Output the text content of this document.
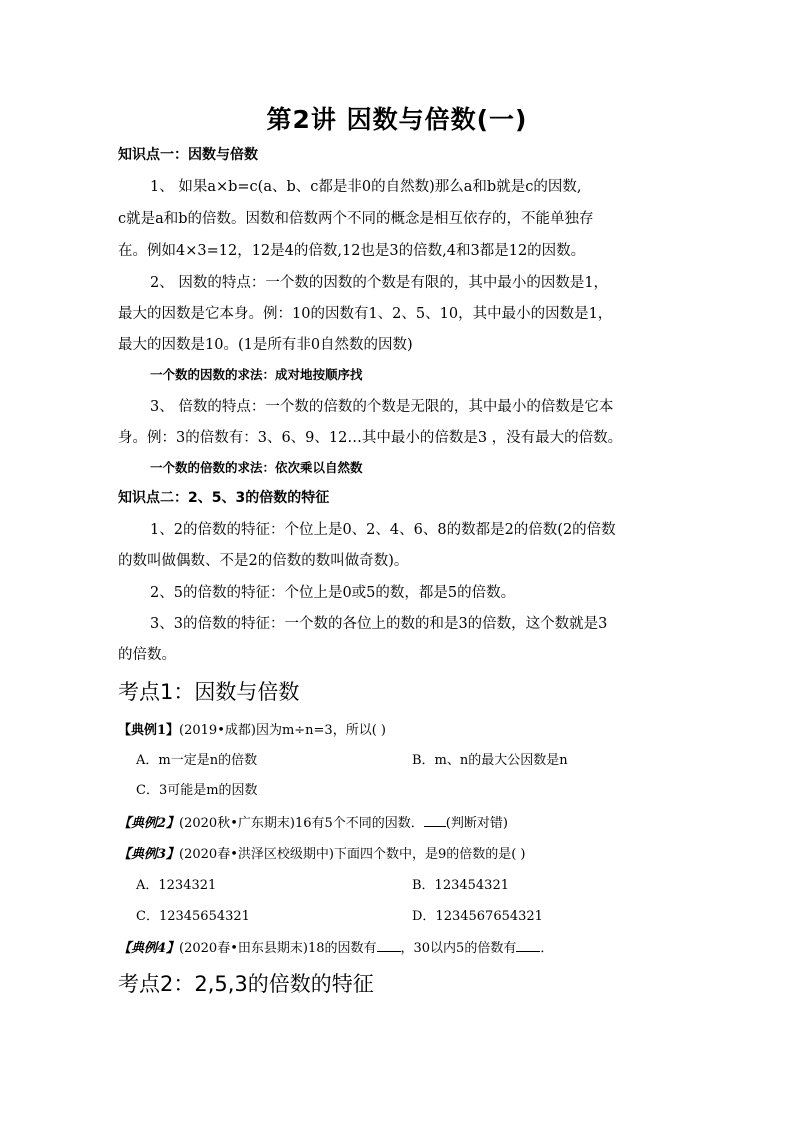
第2讲 因数与倍数(一)
知识点一：因数与倍数
1、 如果a×b=c(a、b、c都是非0的自然数)那么a和b就是c的因数,
c就是a和b的倍数。因数和倍数两个不同的概念是相互依存的，不能单独存
在。例如4×3=12，12是4的倍数,12也是3的倍数,4和3都是12的因数。
2、 因数的特点：一个数的因数的个数是有限的，其中最小的因数是1，
最大的因数是它本身。例：10的因数有1、2、5、10，其中最小的因数是1，
最大的因数是10。(1是所有非0自然数的因数)
一个数的因数的求法：成对地按顺序找
3、 倍数的特点：一个数的倍数的个数是无限的，其中最小的倍数是它本
身。例：3的倍数有：3、6、9、12…其中最小的倍数是3 ，没有最大的倍数。
一个数的倍数的求法：依次乘以自然数
知识点二：2、5、3的倍数的特征
1、2的倍数的特征：个位上是0、2、4、6、8的数都是2的倍数(2的倍数
的数叫做偶数、不是2的倍数的数叫做奇数)。
2、5的倍数的特征：个位上是0或5的数，都是5的倍数。
3、3的倍数的特征：一个数的各位上的数的和是3的倍数，这个数就是3
的倍数。
考点1：因数与倍数
【典例1】(2019•成都)因为m÷n=3，所以( )
A．m一定是n的倍数	B．m、n的最大公因数是n
C．3可能是m的因数
【典例2】(2020秋•广东期末)16有5个不同的因数． (判断对错)
【典例3】(2020春•洪泽区校级期中)下面四个数中，是9的倍数的是( )
A．1234321	B．123454321
C．12345654321	D．1234567654321
【典例4】(2020春•田东县期末)18的因数有 ，30以内5的倍数有 ．
考点2：2,5,3的倍数的特征
